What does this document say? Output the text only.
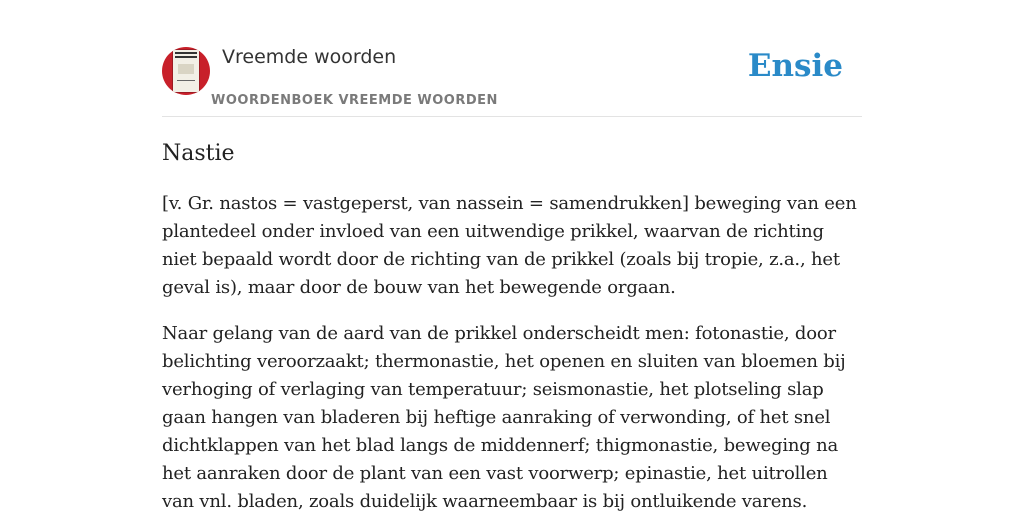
Vreemde woorden
WOORDENBOEK VREEMDE WOORDEN
Ensie
Nastie

[v. Gr. nastos = vastgeperst, van nassein = samendrukken] beweging van een plantedeel onder invloed van een uitwendige prikkel, waarvan de richting niet bepaald wordt door de richting van de prikkel (zoals bij tropie, z.a., het geval is), maar door de bouw van het bewegende orgaan.

Naar gelang van de aard van de prikkel onderscheidt men: fotonastie, door belichting veroorzaakt; thermonastie, het openen en sluiten van bloemen bij verhoging of verlaging van temperatuur; seismonastie, het plotseling slap gaan hangen van bladeren bij heftige aanraking of verwonding, of het snel dichtklappen van het blad langs de middennerf; thigmonastie, beweging na het aanraken door de plant van een vast voorwerp; epinastie, het uitrollen van vnl. bladen, zoals duidelijk waarneembaar is bij ontluikende varens.
